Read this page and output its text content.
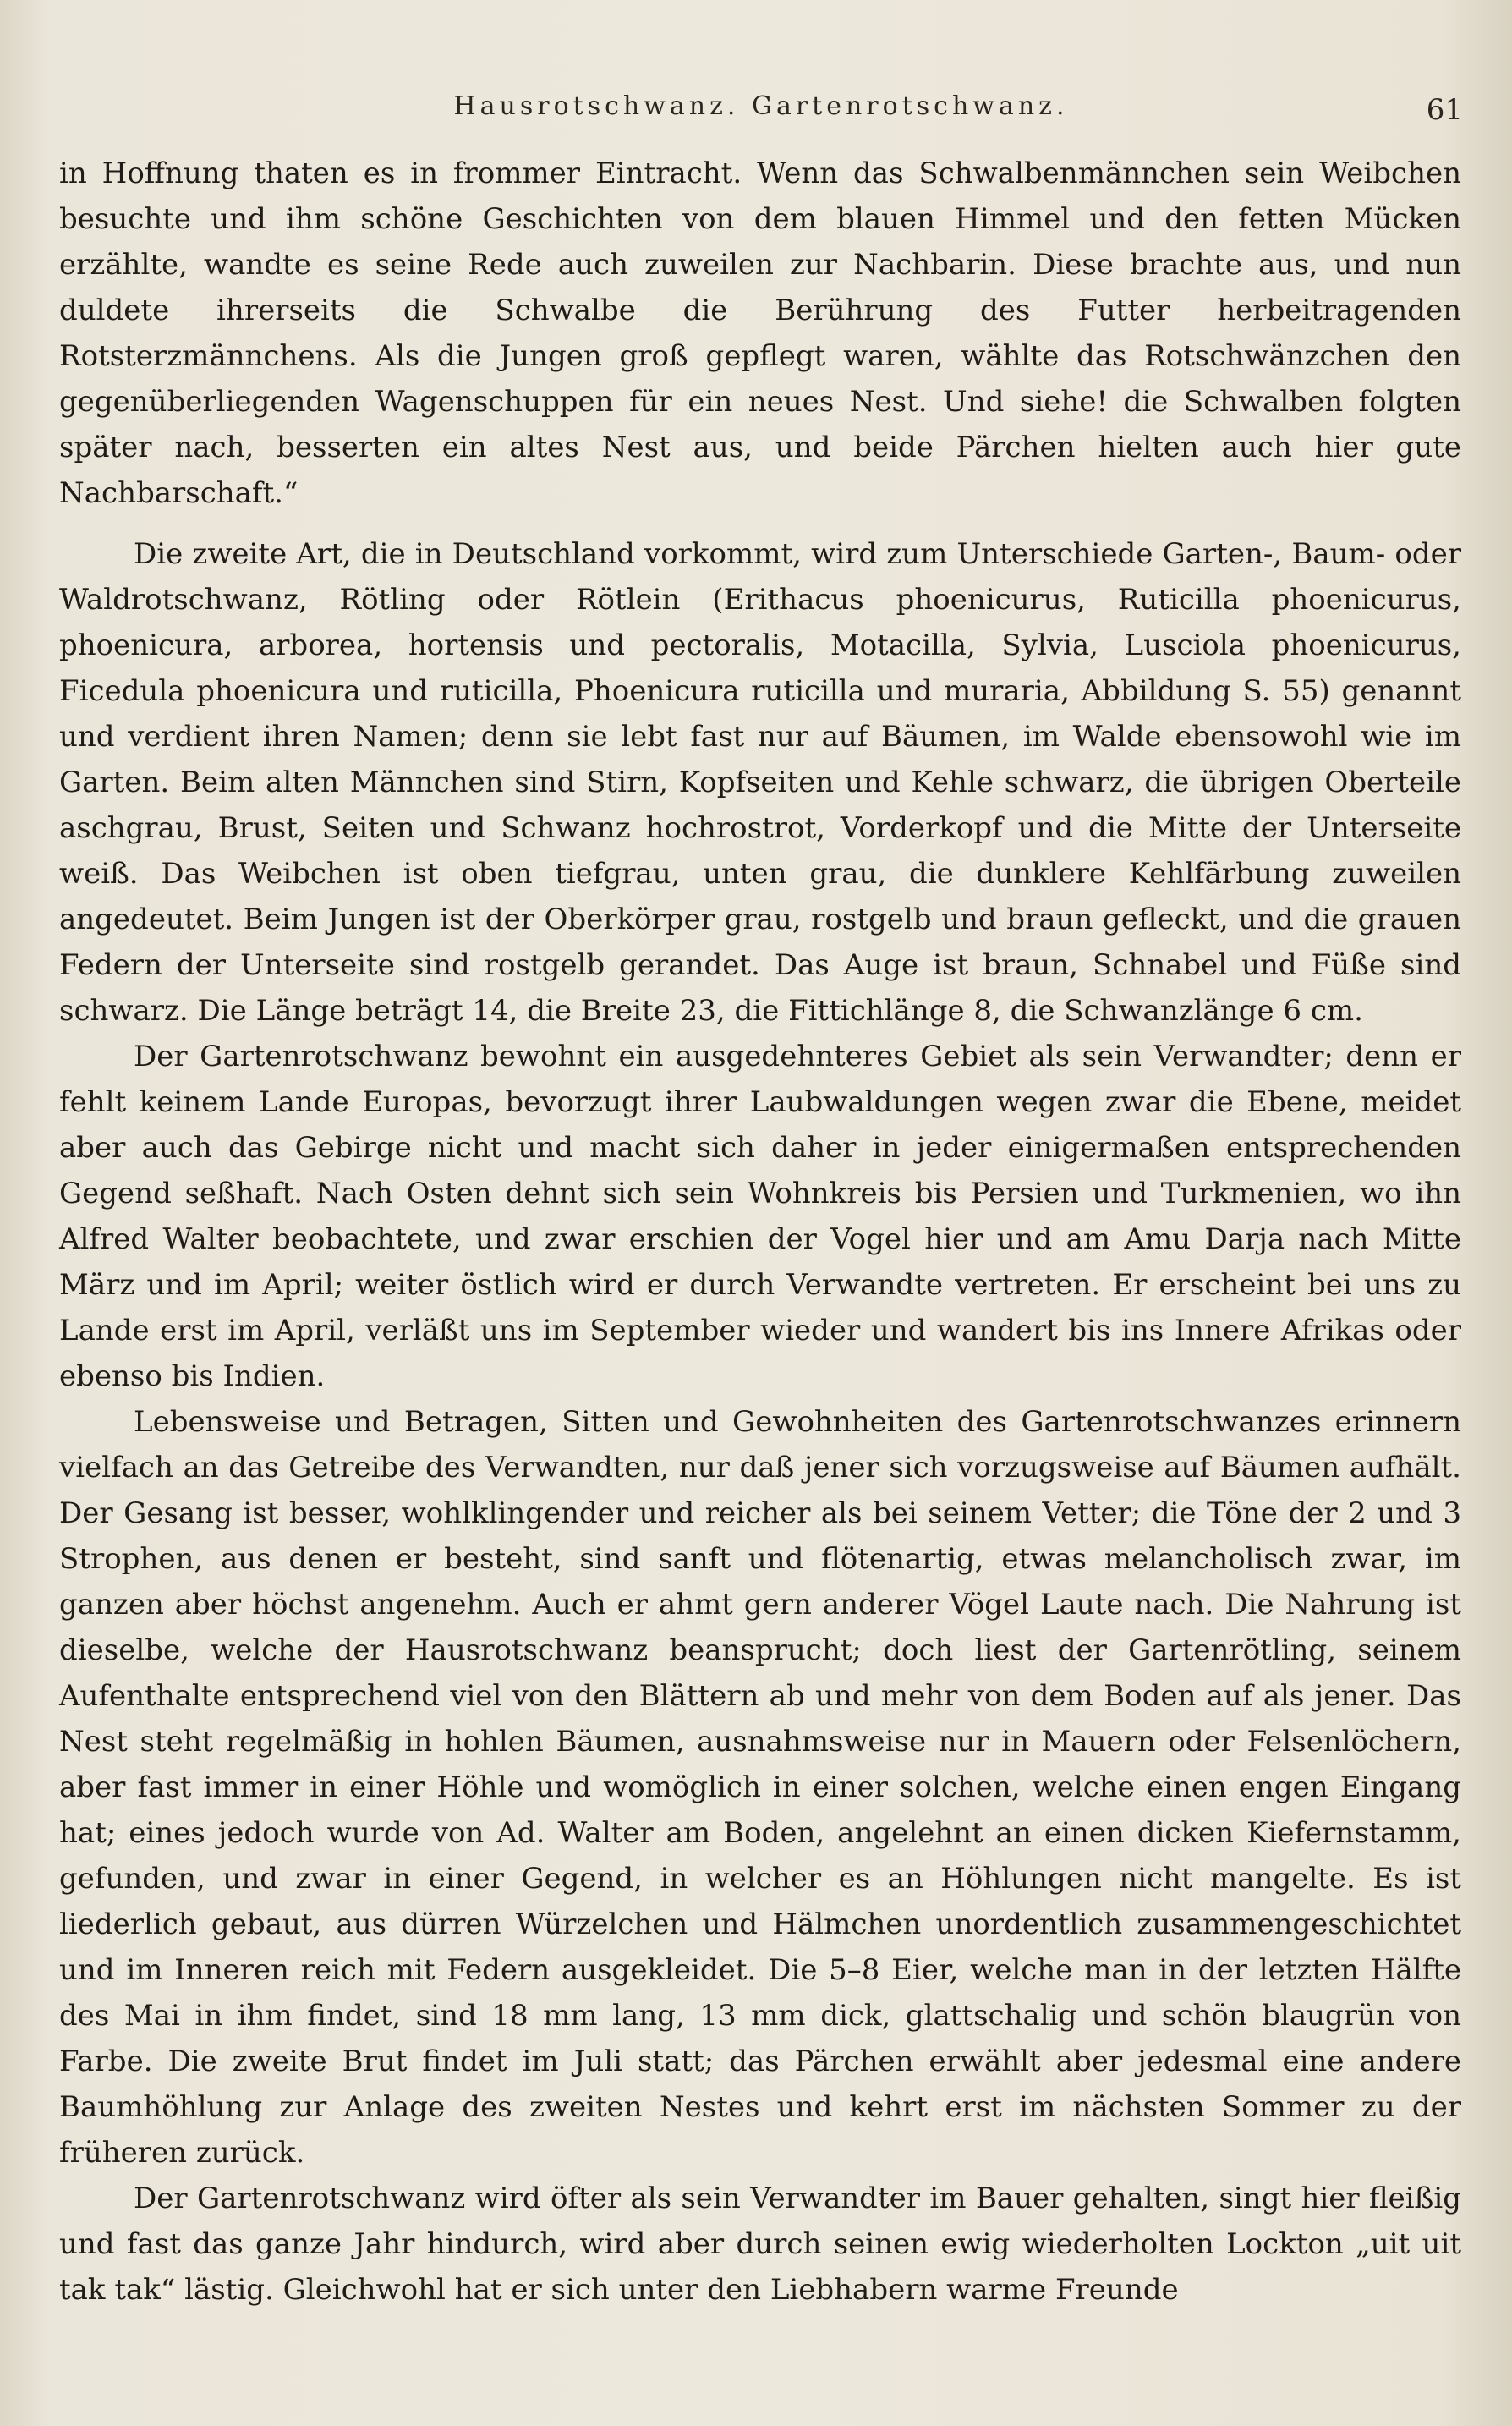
Hausrotschwanz. Gartenrotschwanz.	61

in Hoffnung thaten es in frommer Eintracht. Wenn das Schwalbenmännchen sein Weibchen besuchte und ihm schöne Geschichten von dem blauen Himmel und den fetten Mücken erzählte, wandte es seine Rede auch zuweilen zur Nachbarin. Diese brachte aus, und nun duldete ihrerseits die Schwalbe die Berührung des Futter herbeitragenden Rotsterzmännchens. Als die Jungen groß gepflegt waren, wählte das Rotschwänzchen den gegenüberliegenden Wagenschuppen für ein neues Nest. Und siehe! die Schwalben folgten später nach, besserten ein altes Nest aus, und beide Pärchen hielten auch hier gute Nachbarschaft.“

Die zweite Art, die in Deutschland vorkommt, wird zum Unterschiede Garten-, Baum- oder Waldrotschwanz, Rötling oder Rötlein (Erithacus phoenicurus, Ruticilla phoenicurus, phoenicura, arborea, hortensis und pectoralis, Motacilla, Sylvia, Lusciola phoenicurus, Ficedula phoenicura und ruticilla, Phoenicura ruticilla und muraria, Abbildung S. 55) genannt und verdient ihren Namen; denn sie lebt fast nur auf Bäumen, im Walde ebensowohl wie im Garten. Beim alten Männchen sind Stirn, Kopfseiten und Kehle schwarz, die übrigen Oberteile aschgrau, Brust, Seiten und Schwanz hochrostrot, Vorderkopf und die Mitte der Unterseite weiß. Das Weibchen ist oben tiefgrau, unten grau, die dunklere Kehlfärbung zuweilen angedeutet. Beim Jungen ist der Oberkörper grau, rostgelb und braun gefleckt, und die grauen Federn der Unterseite sind rostgelb gerandet. Das Auge ist braun, Schnabel und Füße sind schwarz. Die Länge beträgt 14, die Breite 23, die Fittichlänge 8, die Schwanzlänge 6 cm.

Der Gartenrotschwanz bewohnt ein ausgedehnteres Gebiet als sein Verwandter; denn er fehlt keinem Lande Europas, bevorzugt ihrer Laubwaldungen wegen zwar die Ebene, meidet aber auch das Gebirge nicht und macht sich daher in jeder einigermaßen entsprechenden Gegend seßhaft. Nach Osten dehnt sich sein Wohnkreis bis Persien und Turkmenien, wo ihn Alfred Walter beobachtete, und zwar erschien der Vogel hier und am Amu Darja nach Mitte März und im April; weiter östlich wird er durch Verwandte vertreten. Er erscheint bei uns zu Lande erst im April, verläßt uns im September wieder und wandert bis ins Innere Afrikas oder ebenso bis Indien.

Lebensweise und Betragen, Sitten und Gewohnheiten des Gartenrotschwanzes erinnern vielfach an das Getreibe des Verwandten, nur daß jener sich vorzugsweise auf Bäumen aufhält. Der Gesang ist besser, wohlklingender und reicher als bei seinem Vetter; die Töne der 2 und 3 Strophen, aus denen er besteht, sind sanft und flötenartig, etwas melancholisch zwar, im ganzen aber höchst angenehm. Auch er ahmt gern anderer Vögel Laute nach. Die Nahrung ist dieselbe, welche der Hausrotschwanz beansprucht; doch liest der Gartenrötling, seinem Aufenthalte entsprechend viel von den Blättern ab und mehr von dem Boden auf als jener. Das Nest steht regelmäßig in hohlen Bäumen, ausnahmsweise nur in Mauern oder Felsenlöchern, aber fast immer in einer Höhle und womöglich in einer solchen, welche einen engen Eingang hat; eines jedoch wurde von Ad. Walter am Boden, angelehnt an einen dicken Kiefernstamm, gefunden, und zwar in einer Gegend, in welcher es an Höhlungen nicht mangelte. Es ist liederlich gebaut, aus dürren Würzelchen und Hälmchen unordentlich zusammengeschichtet und im Inneren reich mit Federn ausgekleidet. Die 5–8 Eier, welche man in der letzten Hälfte des Mai in ihm findet, sind 18 mm lang, 13 mm dick, glattschalig und schön blaugrün von Farbe. Die zweite Brut findet im Juli statt; das Pärchen erwählt aber jedesmal eine andere Baumhöhlung zur Anlage des zweiten Nestes und kehrt erst im nächsten Sommer zu der früheren zurück.

Der Gartenrotschwanz wird öfter als sein Verwandter im Bauer gehalten, singt hier fleißig und fast das ganze Jahr hindurch, wird aber durch seinen ewig wiederholten Lockton „uit uit tak tak“ lästig. Gleichwohl hat er sich unter den Liebhabern warme Freunde
